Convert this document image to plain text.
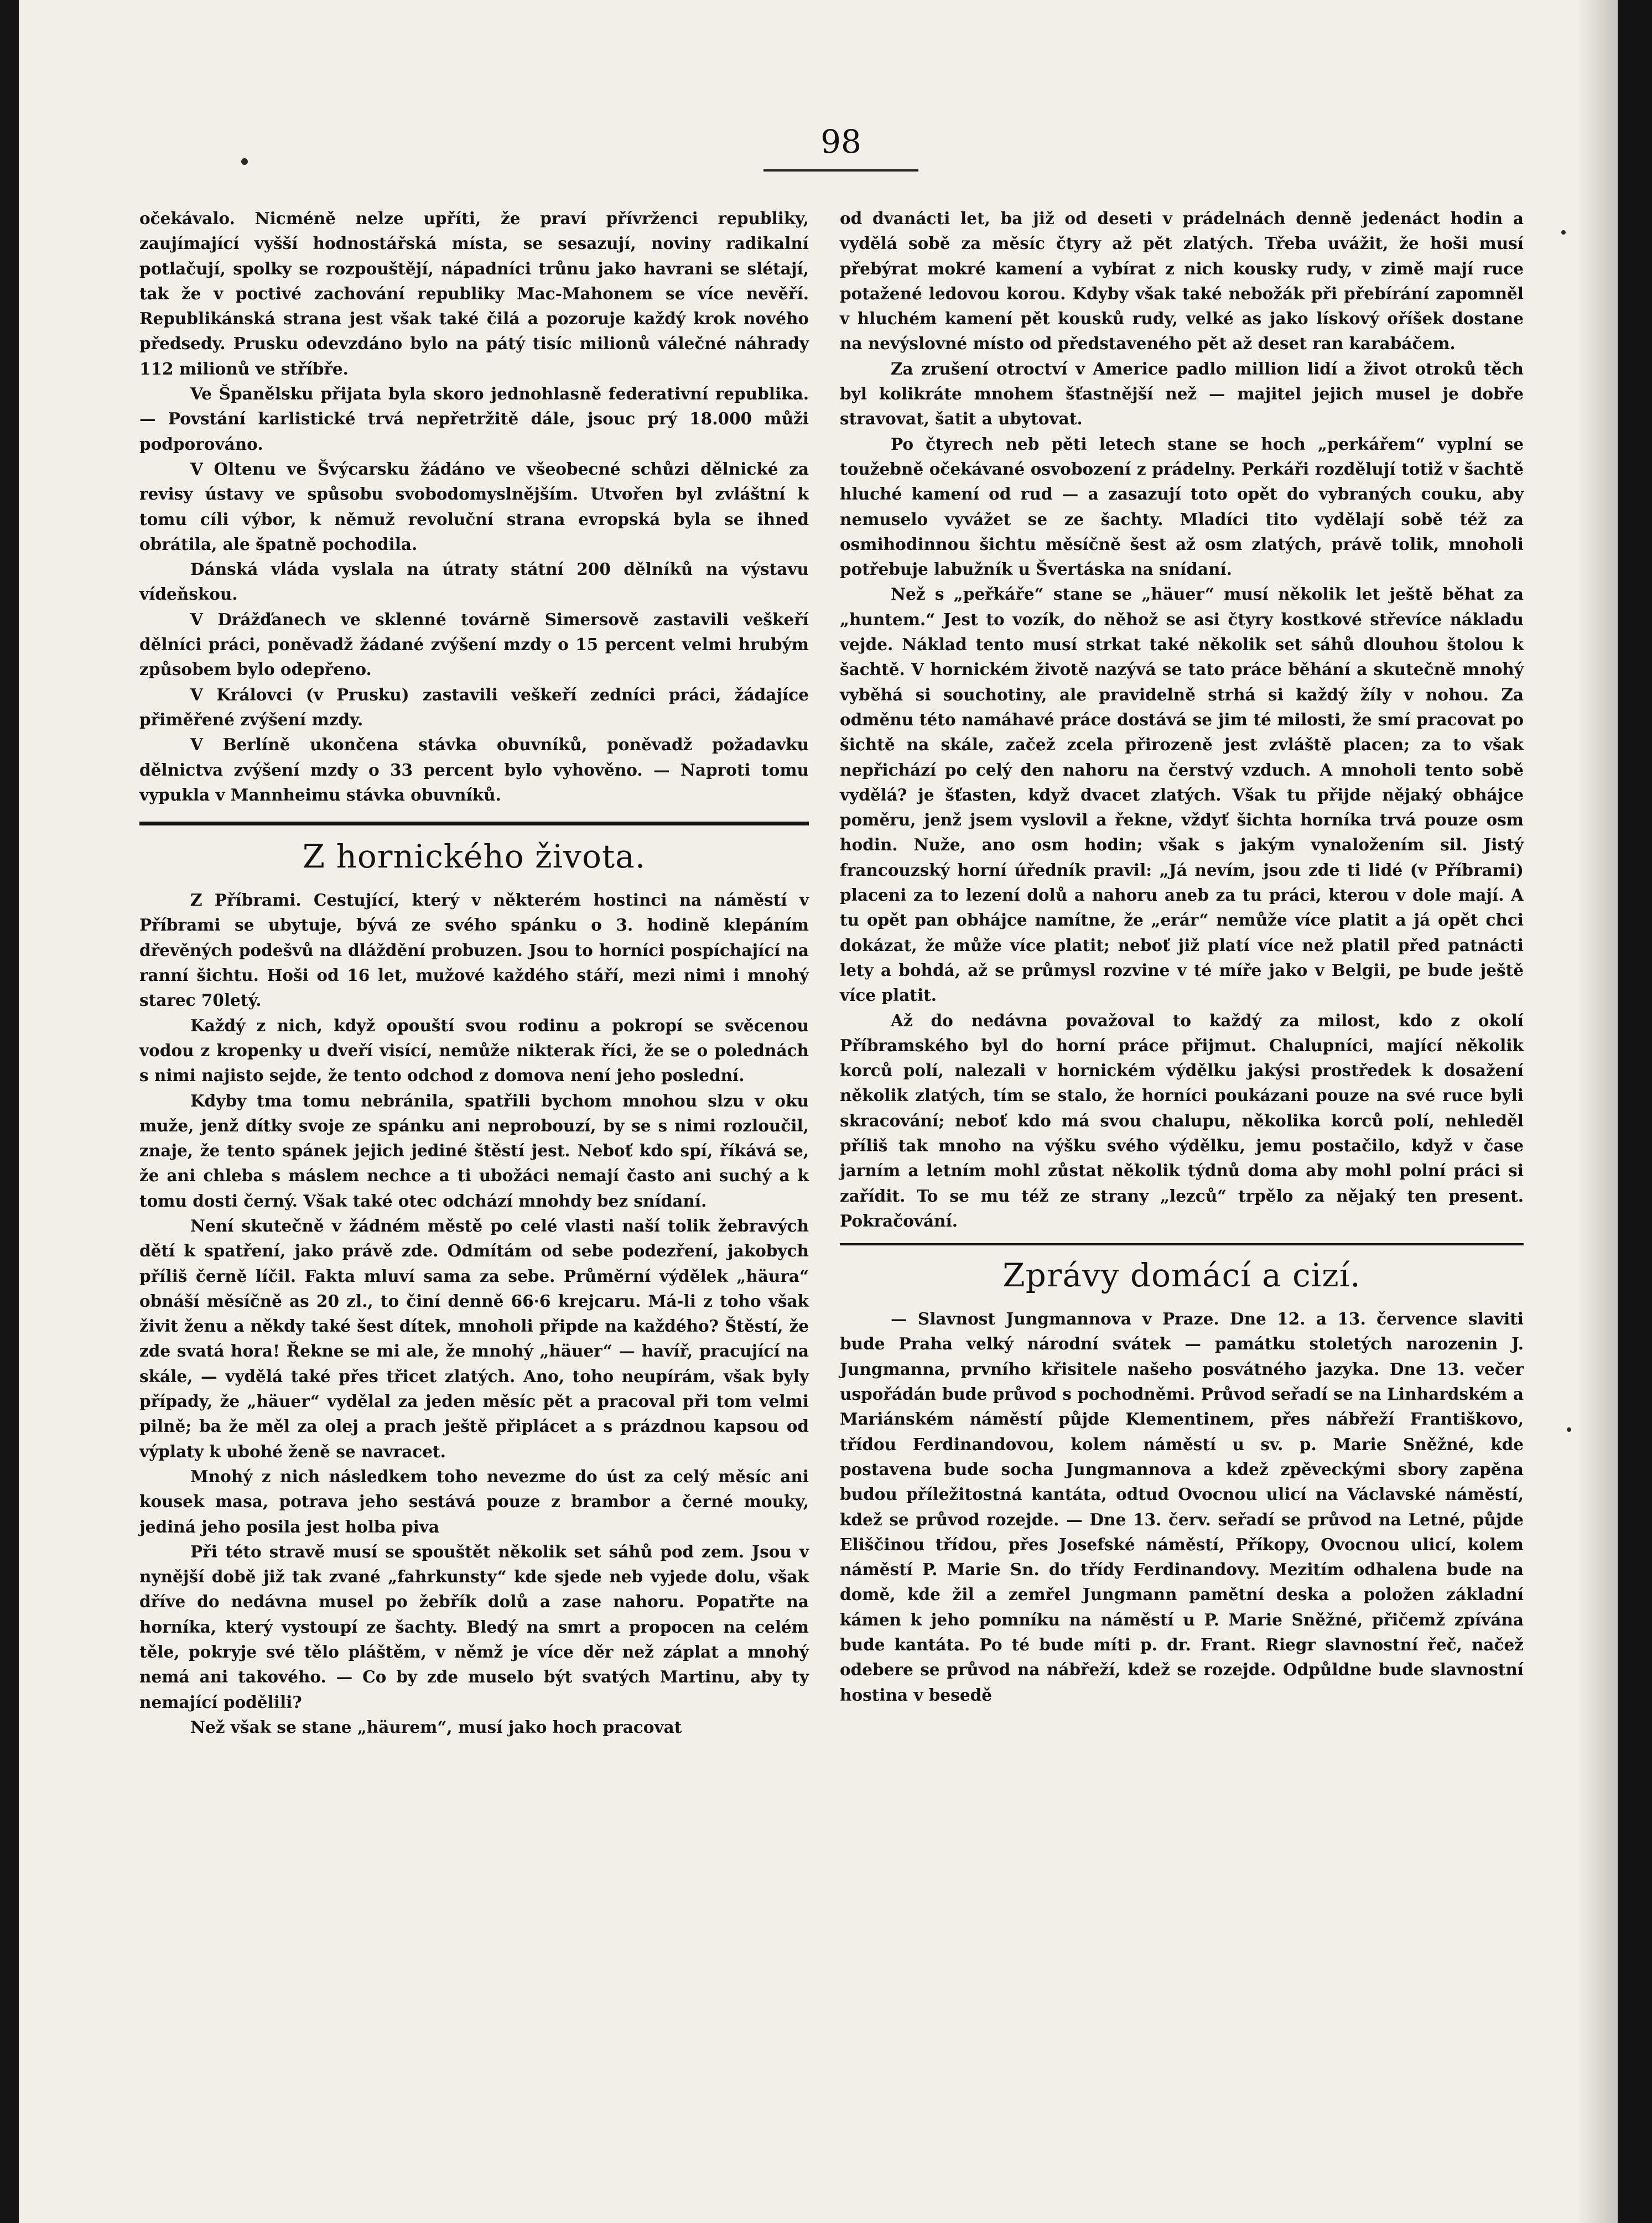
98

očekávalo. Nicméně nelze upříti, že praví přívrženci republiky, zaujímající vyšší hodnostářská místa, se sesazují, noviny radikalní potlačují, spolky se rozpouštějí, nápadníci trůnu jako havrani se slétají, tak že v poctivé zachování republiky Mac-Mahonem se více nevěří. Republikánská strana jest však také čilá a pozoruje každý krok nového předsedy. Prusku odevzdáno bylo na pátý tisíc milionů válečné náhrady 112 milionů ve stříbře.

Ve Španělsku přijata byla skoro jednohlasně federativní republika. — Povstání karlistické trvá nepřetržitě dále, jsouc prý 18.000 můži podporováno.

V Oltenu ve Švýcarsku žádáno ve všeobecné schůzi dělnické za revisy ústavy ve spůsobu svobodomyslnějším. Utvořen byl zvláštní k tomu cíli výbor, k němuž revoluční strana evropská byla se ihned obrátila, ale špatně pochodila.

Dánská vláda vyslala na útraty státní 200 dělníků na výstavu vídeňskou.

V Drážďanech ve sklenné továrně Simersově zastavili veškeří dělníci práci, poněvadž žádané zvýšení mzdy o 15 percent velmi hrubým způsobem bylo odepřeno.

V Královci (v Prusku) zastavili veškeří zedníci práci, žádajíce přiměřené zvýšení mzdy.

V Berlíně ukončena stávka obuvníků, poněvadž požadavku dělnictva zvýšení mzdy o 33 percent bylo vyhověno. — Naproti tomu vypukla v Mannheimu stávka obuvníků.

Z hornického života.

Z Příbrami. Cestující, který v některém hostinci na náměstí v Příbrami se ubytuje, bývá ze svého spánku o 3. hodině klepáním dřevěných podešvů na dláždění probuzen. Jsou to horníci pospíchající na ranní šichtu. Hoši od 16 let, mužové každého stáří, mezi nimi i mnohý starec 70letý.

Každý z nich, když opouští svou rodinu a pokropí se svěcenou vodou z kropenky u dveří visící, nemůže nikterak říci, že se o polednách s nimi najisto sejde, že tento odchod z domova není jeho poslední.

Kdyby tma tomu nebránila, spatřili bychom mnohou slzu v oku muže, jenž dítky svoje ze spánku ani neprobouzí, by se s nimi rozloučil, znaje, že tento spánek jejich jediné štěstí jest. Neboť kdo spí, říkává se, že ani chleba s máslem nechce a ti ubožáci nemají často ani suchý a k tomu dosti černý. Však také otec odchází mnohdy bez snídaní.

Není skutečně v žádném městě po celé vlasti naší tolik žebravých dětí k spatření, jako právě zde. Odmítám od sebe podezření, jakobych příliš černě líčil. Fakta mluví sama za sebe. Průměrní výdělek „häura“ obnáší měsíčně as 20 zl., to činí denně 66·6 krejcaru. Má-li z toho však živit ženu a někdy také šest dítek, mnoholi připde na každého? Štěstí, že zde svatá hora! Řekne se mi ale, že mnohý „häuer“ — havíř, pracující na skále, — vydělá také přes třicet zlatých. Ano, toho neupírám, však byly případy, že „häuer“ vydělal za jeden měsíc pět a pracoval při tom velmi pilně; ba že měl za olej a prach ještě připlácet a s prázdnou kapsou od výplaty k ubohé ženě se navracet.

Mnohý z nich následkem toho nevezme do úst za celý měsíc ani kousek masa, potrava jeho sestává pouze z brambor a černé mouky, jediná jeho posila jest holba piva

Při této stravě musí se spouštět několik set sáhů pod zem. Jsou v nynější době již tak zvané „fahrkunsty“ kde sjede neb vyjede dolu, však dříve do nedávna musel po žebřík dolů a zase nahoru. Popatřte na horníka, který vystoupí ze šachty. Bledý na smrt a propocen na celém těle, pokryje své tělo pláštěm, v němž je více děr než záplat a mnohý nemá ani takového. — Co by zde muselo být svatých Martinu, aby ty nemající podělili?

Než však se stane „häurem“, musí jako hoch pracovat

od dvanácti let, ba již od deseti v prádelnách denně jedenáct hodin a vydělá sobě za měsíc čtyry až pět zlatých. Třeba uvážit, že hoši musí přebýrat mokré kamení a vybírat z nich kousky rudy, v zimě mají ruce potažené ledovou korou. Kdyby však také nebožák při přebírání zapomněl v hluchém kamení pět kousků rudy, velké as jako lískový oříšek dostane na nevýslovné místo od představeného pět až deset ran karabáčem.

Za zrušení otroctví v Americe padlo million lidí a život otroků těch byl kolikráte mnohem šťastnější než — majitel jejich musel je dobře stravovat, šatit a ubytovat.

Po čtyrech neb pěti letech stane se hoch „perkářem“ vyplní se toužebně očekávané osvobození z prádelny. Perkáři rozdělují totiž v šachtě hluché kamení od rud — a zasazují toto opět do vybraných couku, aby nemuselo vyvážet se ze šachty. Mladíci tito vydělají sobě též za osmihodinnou šichtu měsíčně šest až osm zlatých, právě tolik, mnoholi potřebuje labužník u Švertáska na snídaní.

Než s „peřkáře“ stane se „häuer“ musí několik let ještě běhat za „huntem.“ Jest to vozík, do něhož se asi čtyry kostkové střevíce nákladu vejde. Náklad tento musí strkat také několik set sáhů dlouhou štolou k šachtě. V hornickém životě nazývá se tato práce běhání a skutečně mnohý vyběhá si souchotiny, ale pravidelně strhá si každý žíly v nohou. Za odměnu této namáhavé práce dostává se jim té milosti, že smí pracovat po šichtě na skále, začež zcela přirozeně jest zvláště placen; za to však nepřichází po celý den nahoru na čerstvý vzduch. A mnoholi tento sobě vydělá? je šťasten, když dvacet zlatých. Však tu přijde nějaký obhájce poměru, jenž jsem vyslovil a řekne, vždyť šichta horníka trvá pouze osm hodin. Nuže, ano osm hodin; však s jakým vynaložením sil. Jistý francouzský horní úředník pravil: „Já nevím, jsou zde ti lidé (v Příbrami) placeni za to lezení dolů a nahoru aneb za tu práci, kterou v dole mají. A tu opět pan obhájce namítne, že „erár“ nemůže více platit a já opět chci dokázat, že může více platit; neboť již platí více než platil před patnácti lety a bohdá, až se průmysl rozvine v té míře jako v Belgii, pe bude ještě více platit.

Až do nedávna považoval to každý za milost, kdo z okolí Příbramského byl do horní práce přijmut. Chalupníci, mající několik korců polí, nalezali v hornickém výdělku jakýsi prostředek k dosažení několik zlatých, tím se stalo, že horníci poukázani pouze na své ruce byli skracování; neboť kdo má svou chalupu, několika korců polí, nehleděl příliš tak mnoho na výšku svého výdělku, jemu postačilo, když v čase jarním a letním mohl zůstat několik týdnů doma aby mohl polní práci si zařídit. To se mu též ze strany „lezců“ trpělo za nějaký ten present. Pokračování.

Zprávy domácí a cizí.

— Slavnost Jungmannova v Praze. Dne 12. a 13. července slaviti bude Praha velký národní svátek — památku stoletých narozenin J. Jungmanna, prvního křisitele našeho posvátného jazyka. Dne 13. večer uspořádán bude průvod s pochodněmi. Průvod seřadí se na Linhardském a Mariánském náměstí půjde Klementinem, přes nábřeží Františkovo, třídou Ferdinandovou, kolem náměstí u sv. p. Marie Sněžné, kde postavena bude socha Jungmannova a kdež zpěveckými sbory zapěna budou příležitostná kantáta, odtud Ovocnou ulicí na Václavské náměstí, kdež se průvod rozejde. — Dne 13. červ. seřadí se průvod na Letné, půjde Eliščinou třídou, přes Josefské náměstí, Příkopy, Ovocnou ulicí, kolem náměstí P. Marie Sn. do třídy Ferdinandovy. Mezitím odhalena bude na domě, kde žil a zemřel Jungmann pamětní deska a položen základní kámen k jeho pomníku na náměstí u P. Marie Sněžné, přičemž zpívána bude kantáta. Po té bude míti p. dr. Frant. Riegr slavnostní řeč, načež odebere se průvod na nábřeží, kdež se rozejde. Odpůldne bude slavnostní hostina v besedě
